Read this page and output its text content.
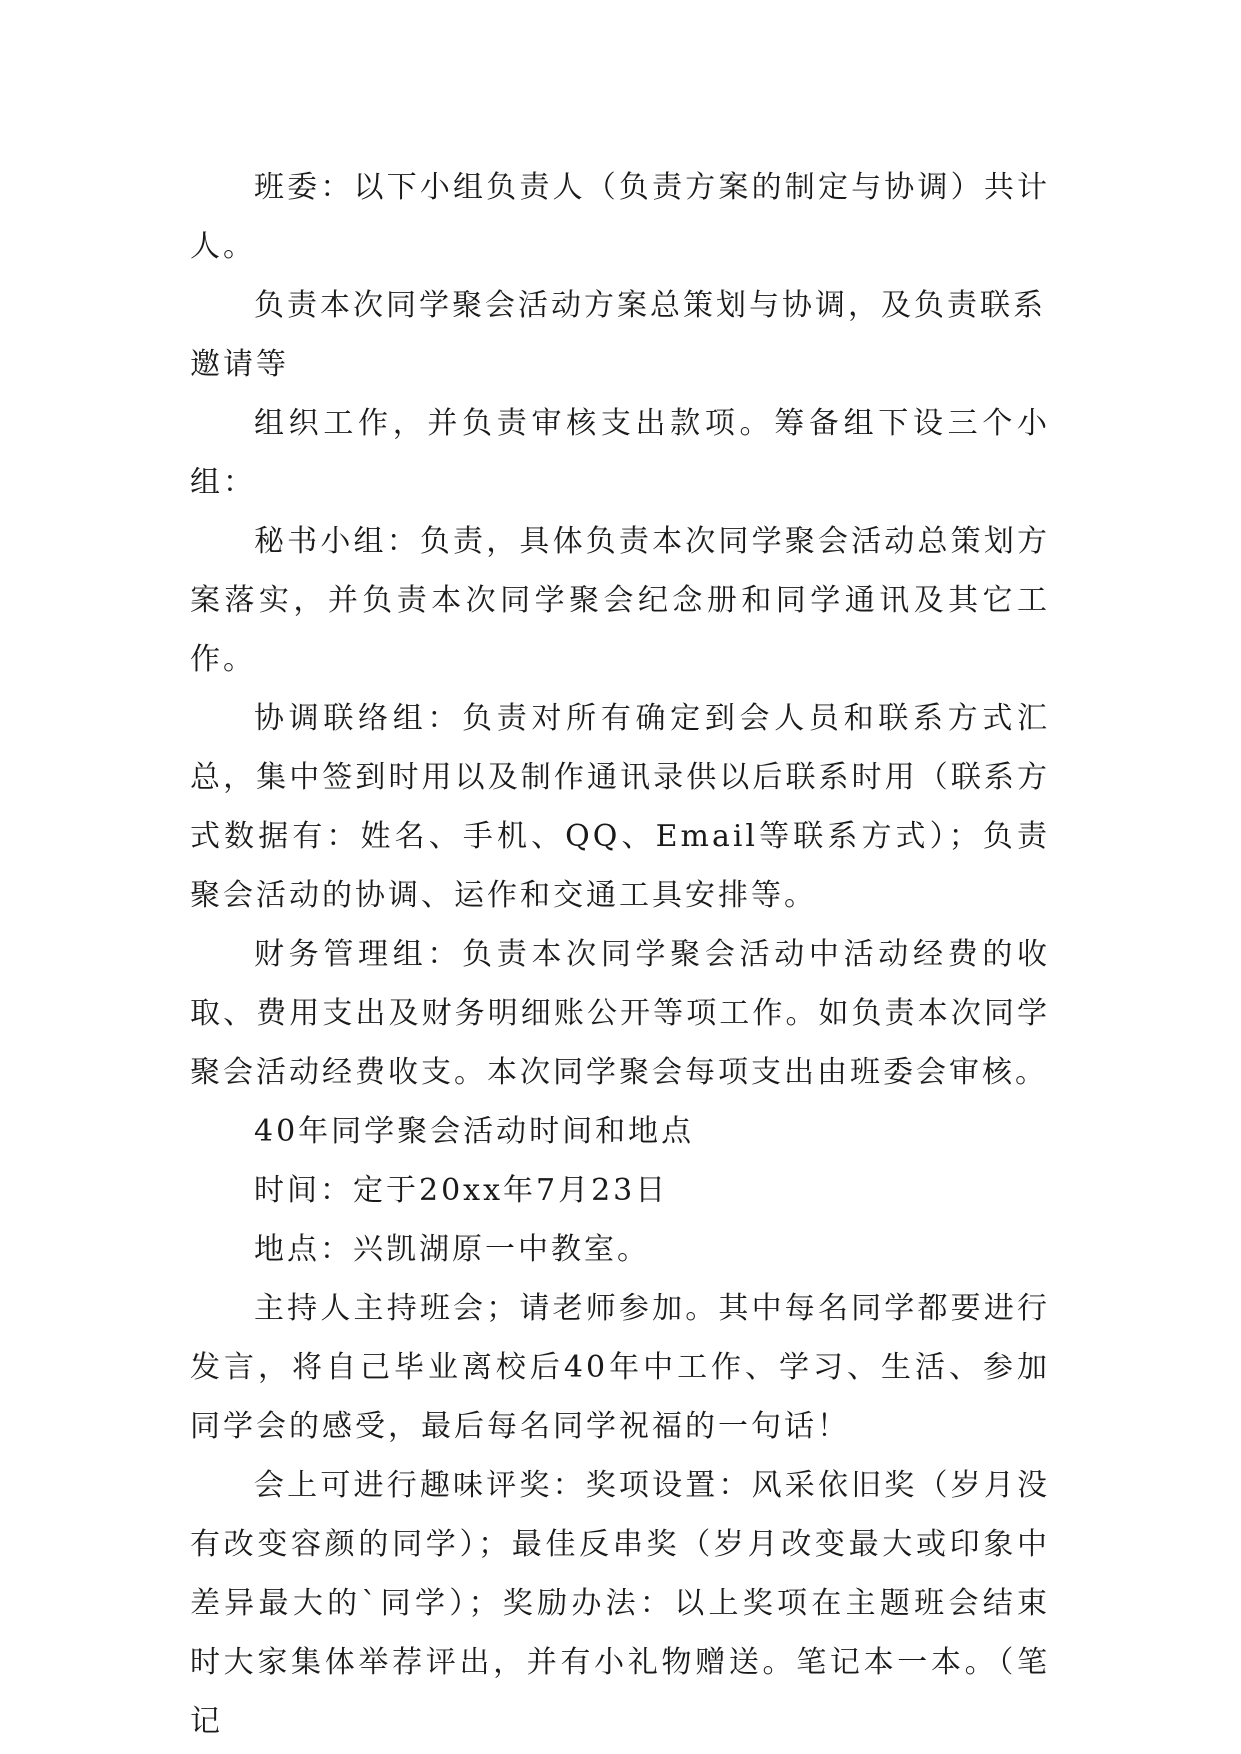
班委：以下小组负责人（负责方案的制定与协调）共计人。

负责本次同学聚会活动方案总策划与协调，及负责联系邀请等

组织工作，并负责审核支出款项。筹备组下设三个小组：

秘书小组：负责，具体负责本次同学聚会活动总策划方案落实，并负责本次同学聚会纪念册和同学通讯及其它工作。

协调联络组：负责对所有确定到会人员和联系方式汇总，集中签到时用以及制作通讯录供以后联系时用（联系方式数据有：姓名、手机、QQ、Email等联系方式）；负责聚会活动的协调、运作和交通工具安排等。

财务管理组：负责本次同学聚会活动中活动经费的收取、费用支出及财务明细账公开等项工作。如负责本次同学聚会活动经费收支。本次同学聚会每项支出由班委会审核。

40年同学聚会活动时间和地点

时间：定于20xx年7月23日

地点：兴凯湖原一中教室。

主持人主持班会；请老师参加。其中每名同学都要进行发言，将自己毕业离校后40年中工作、学习、生活、参加同学会的感受，最后每名同学祝福的一句话！

会上可进行趣味评奖：奖项设置：风采依旧奖（岁月没有改变容颜的同学）；最佳反串奖（岁月改变最大或印象中差异最大的`同学）；奖励办法：以上奖项在主题班会结束时大家集体举荐评出，并有小礼物赠送。笔记本一本。（笔记
